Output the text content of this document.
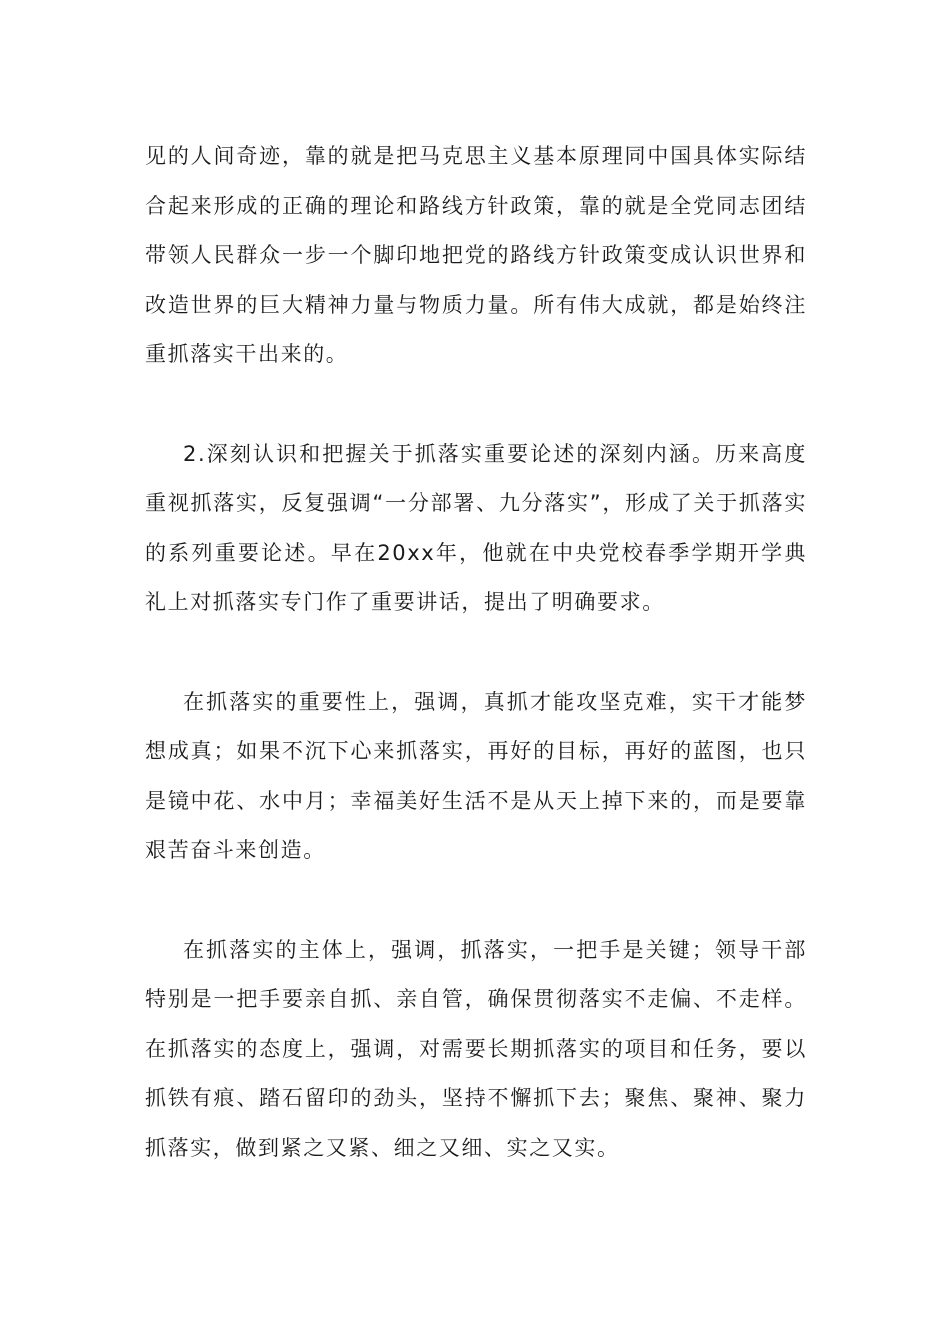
见的人间奇迹，靠的就是把马克思主义基本原理同中国具体实际结合起来形成的正确的理论和路线方针政策，靠的就是全党同志团结带领人民群众一步一个脚印地把党的路线方针政策变成认识世界和改造世界的巨大精神力量与物质力量。所有伟大成就，都是始终注重抓落实干出来的。

2.深刻认识和把握关于抓落实重要论述的深刻内涵。历来高度重视抓落实，反复强调“一分部署、九分落实”，形成了关于抓落实的系列重要论述。早在20xx年，他就在中央党校春季学期开学典礼上对抓落实专门作了重要讲话，提出了明确要求。

在抓落实的重要性上，强调，真抓才能攻坚克难，实干才能梦想成真；如果不沉下心来抓落实，再好的目标，再好的蓝图，也只是镜中花、水中月；幸福美好生活不是从天上掉下来的，而是要靠艰苦奋斗来创造。

在抓落实的主体上，强调，抓落实，一把手是关键；领导干部特别是一把手要亲自抓、亲自管，确保贯彻落实不走偏、不走样。在抓落实的态度上，强调，对需要长期抓落实的项目和任务，要以抓铁有痕、踏石留印的劲头，坚持不懈抓下去；聚焦、聚神、聚力抓落实，做到紧之又紧、细之又细、实之又实。
